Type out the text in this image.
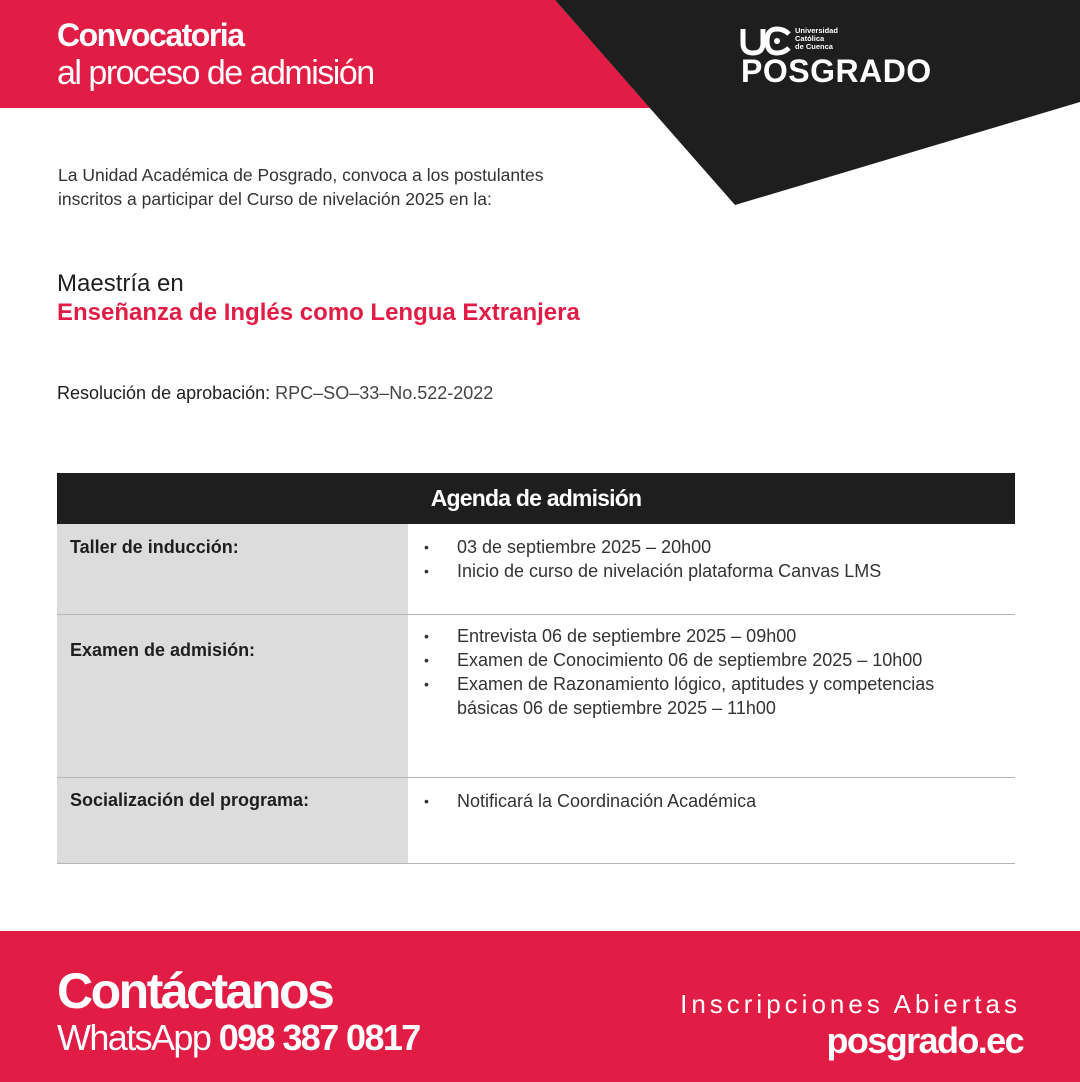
Convocatoria
al proceso de admisión
Universidad
Católica
de Cuenca
POSGRADO
La Unidad Académica de Posgrado, convoca a los postulantes
inscritos a participar del Curso de nivelación 2025 en la:
Maestría en
Enseñanza de Inglés como Lengua Extranjera
Resolución de aprobación: RPC–SO–33–No.522-2022
Agenda de admisión
Taller de inducción:	• 03 de septiembre 2025 – 20h00
• Inicio de curso de nivelación plataforma Canvas LMS
Examen de admisión:
• Entrevista 06 de septiembre 2025 – 09h00
• Examen de Conocimiento 06 de septiembre 2025 – 10h00
• Examen de Razonamiento lógico, aptitudes y competencias básicas 06 de septiembre 2025 – 11h00
Socialización del programa:	• Notificará la Coordinación Académica
Contáctanos
WhatsApp 098 387 0817
Inscripciones Abiertas
posgrado.ec
